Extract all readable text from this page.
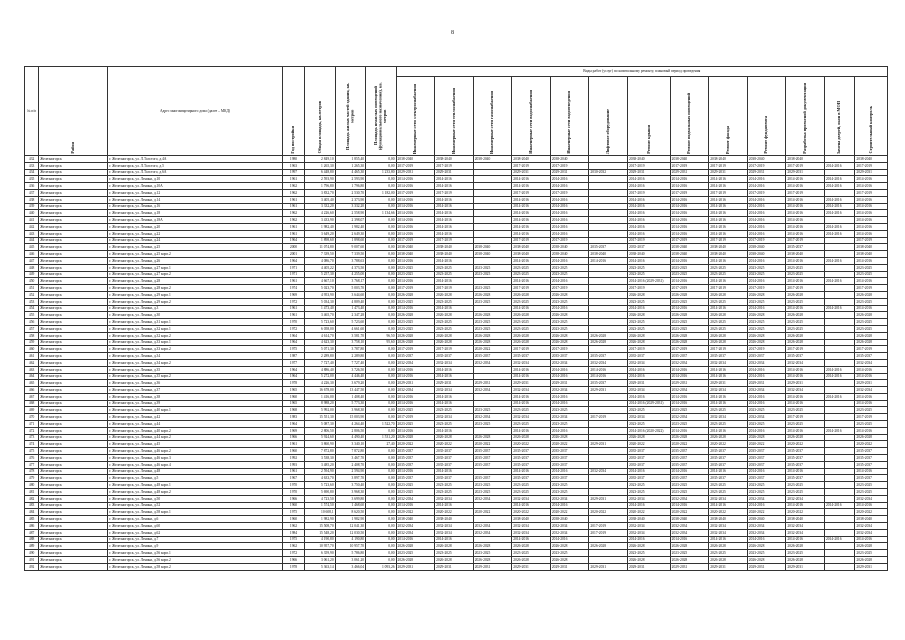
8
№ п/п	Район	Адрес многоквартирного дома (далее – МКД)	Год постройки	Общая площадь, кв.метров	Площадь жилых частей здания, кв. метров	Площадь нежилых помещений (функционального назначения), кв. метров	Виды работ (услуг) по капитальному ремонту, плановый период проведения												
							Инженерные сети электроснабжения	Инженерные сети теплоснабжения	Инженерные сети газоснабжения	Инженерные сети водоснабжения	Инженерные сети водоотведения	Лифтовое оборудование	Ремонт крыши	Ремонт подвальных помещений	Ремонт фасада	Ремонт фундамента	Разработка проектной документации	Замена дверей, окон в МОП	Строительный контроль
432	Железногорск	г. Железногорск, ул. Л.Толстого, д.4А	1980	2 849,10	1 855,40	0,00	2038-2040	2038-2040	2038-2040	2038-2040	2038-2040		2038-2040	2038-2040	2038-2040	2038-2040	2038-2040		2038-2040
433	Железногорск	г. Железногорск, ул. Л.Толстого, д.5	1963	1 265,30	1 265,30	0,00	2017-2019	2017-2019		2017-2019	2017-2019		2017-2019	2017-2019	2017-2019	2017-2019	2017-2019	2014-2016	2017-2019
434	Железногорск	г. Железногорск, ул. Л.Толстого, д.6А	1997	6 448,80	4 465,30	1 233,80	2029-2031	2029-2031		2029-2031	2029-2031	2030-2032	2029-2031	2029-2031	2029-2031	2029-2031	2029-2031		2029-2031
435	Железногорск	г. Железногорск, ул. Ленина, д.10	1961	2 593,90	2 593,90	0,00	2014-2016	2014-2016		2014-2016	2014-2016		2014-2016	2014-2016	2014-2016	2014-2016	2014-2016	2014-2016	2014-2016
436	Железногорск	г. Железногорск, ул. Ленина, д.10А	1962	1 796,80	1 796,80	0,00	2014-2016	2014-2016		2014-2016	2014-2016		2014-2016	2014-2016	2014-2016	2014-2016	2014-2016	2014-2016	2014-2016
437	Железногорск	г. Железногорск, ул. Ленина, д.12	1962	3 832,70	2 530,70	1 182,00	2017-2019	2017-2019		2017-2019	2017-2019		2017-2019	2017-2019	2017-2019	2017-2019	2017-2019		2017-2019
438	Железногорск	г. Железногорск, ул. Ленина, д.14	1961	3 405,40	2 373,90	0,00	2014-2016	2014-2016		2014-2016	2014-2016		2014-2016	2014-2016	2014-2016	2014-2016	2014-2016	2014-2016	2014-2016
439	Железногорск	г. Железногорск, ул. Ленина, д.16	1961	3 332,20	3 332,20	0,00	2014-2016	2014-2016		2014-2016	2014-2016		2014-2016	2014-2016	2014-2016	2014-2016	2014-2016	2014-2016	2014-2016
440	Железногорск	г. Железногорск, ул. Ленина, д.18	1962	4 226,60	2 558,90	1 134,66	2014-2016	2014-2016		2014-2016	2014-2016		2014-2016	2014-2016	2014-2016	2014-2016	2014-2016	2014-2016	2014-2016
441	Железногорск	г. Железногорск, ул. Ленина, д.18А	1962	3 433,90	2 398,07	0,00	2014-2016	2014-2016		2014-2016	2014-2016		2014-2016	2014-2016	2014-2016	2014-2016	2014-2016		2014-2016
442	Железногорск	г. Железногорск, ул. Ленина, д.20	1961	1 982,40	1 982,40	0,00	2014-2016	2014-2016		2014-2016	2014-2016		2014-2016	2014-2016	2014-2016	2014-2016	2014-2016	2014-2016	2014-2016
443	Железногорск	г. Железногорск, ул. Ленина, д.22	1961	3 649,20	2 649,30	0,00	2014-2016	2014-2016		2014-2016	2014-2016		2014-2016	2014-2016	2014-2016	2014-2016	2014-2016	2014-2016	2014-2016
444	Железногорск	г. Железногорск, ул. Ленина, д.24	1964	1 898,60	1 898,60	0,00	2017-2019	2017-2019		2017-2019	2017-2019		2017-2019	2017-2019	2017-2019	2017-2019	2017-2019		2017-2019
445	Железногорск	г. Железногорск, ул. Ленина, д.25	2000	11 074,80	9 007,60	0,00	2038-2040	2038-2040	2038-2040	2038-2040	2038-2040	2035-2037	2035-2037	2038-2040	2038-2040	2038-2040	2035-2037		2038-2040
446	Железногорск	г. Железногорск, ул. Ленина, д.25 корп.2	2001	7 339,50	7 339,50	0,00	2038-2040	2038-2040	2038-2040	2038-2040	2038-2040	2038-2040	2038-2040	2038-2040	2038-2040	2038-2040	2038-2040		2038-2040
447	Железногорск	г. Железногорск, ул. Ленина, д.26	1964	4 086,70	3 788,63	0,00	2014-2016	2014-2016		2014-2016	2014-2016	2014-2016	2014-2016	2014-2016	2014-2016	2014-2016	2014-2016	2014-2016	2014-2016
448	Железногорск	г. Железногорск, ул. Ленина, д.27 корп.1	1971	4 405,22	4 373,50	0,00	2023-2025	2023-2025	2023-2025	2023-2025	2023-2025		2023-2025	2023-2025	2023-2025	2023-2025	2023-2025		2023-2025
449	Железногорск	г. Железногорск, ул. Ленина, д.27 корп.2	1971	5 257,30	4 255,00	0,00	2023-2025	2023-2025	2023-2025	2023-2025	2023-2025		2023-2025	2023-2025	2023-2025	2023-2025	2023-2025		2023-2025
450	Железногорск	г. Железногорск, ул. Ленина, д.28	1961	4 667,10	3 768,17	0,00	2014-2016	2014-2016		2014-2016	2014-2016		2014-2016 (2029-2031)	2014-2016	2014-2016	2014-2016	2014-2016	2014-2016	2014-2016
451	Железногорск	г. Железногорск, ул. Ленина, д.28 корп.2	1974	5 023,70	5 003,70	0,00	2017-2019	2017-2019	2023-2025	2017-2019	2017-2019		2017-2019	2017-2019	2017-2019	2017-2019	2017-2019		2017-2019
452	Железногорск	г. Железногорск, ул. Ленина, д.29 корп.1	1969	4 953,90	3 644,60	0,00	2026-2028	2026-2028	2026-2028	2026-2028	2026-2028		2026-2028	2026-2028	2026-2028	2026-2028	2026-2028		2026-2028
453	Железногорск	г. Железногорск, ул. Ленина, д.29 корп.2	1972	5 034,30	4 809,40	0,00	2023-2025	2023-2025	2023-2025	2023-2025	2023-2025		2023-2025	2023-2025	2023-2025	2023-2025	2023-2025		2023-2025
454	Железногорск	г. Железногорск, ул. Ленина, д.3	1961	1 473,40	1 473,40	0,00	2014-2016	2014-2016		2014-2016	2014-2016		2014-2016	2014-2016	2014-2016	2014-2016	2014-2016	2014-2016	2014-2016
455	Железногорск	г. Железногорск, ул. Ленина, д.30	1961	3 465,70	2 347,28	0,00	2026-2028	2026-2028	2026-2028	2026-2028	2026-2028		2026-2028	2026-2028	2026-2028	2026-2028	2026-2028		2026-2028
456	Железногорск	г. Железногорск, ул. Ленина, д.31 корп.1	1970	5 723,60	5 723,60	0,00	2023-2025	2023-2025	2023-2025	2023-2025	2023-2025		2023-2025	2023-2025	2023-2025	2023-2025	2023-2025		2023-2025
457	Железногорск	г. Железногорск, ул. Ленина, д.32 корп.1	1972	6 058,00	4 661,60	0,00	2023-2025	2023-2025	2023-2025	2023-2025	2023-2025		2023-2025	2023-2025	2023-2025	2023-2025	2023-2025		2023-2025
458	Железногорск	г. Железногорск, ул. Ленина, д.32 корп.2	1964	4 614,70	3 581,70	96,50	2026-2028	2026-2028	2026-2028	2026-2028	2026-2028	2026-2028	2026-2028	2026-2028	2026-2028	2026-2028	2026-2028		2026-2028
459	Железногорск	г. Железногорск, ул. Ленина, д.33 корп.1	1964	4 623,30	3 758,10	95,60	2026-2028	2026-2028	2026-2028	2026-2028	2026-2028	2026-2028	2026-2028	2026-2028	2026-2028	2026-2028	2026-2028		2026-2028
460	Железногорск	г. Железногорск, ул. Ленина, д.33 корп.2	1975	5 071,30	3 787,80	0,00	2017-2019	2017-2019	2020-2022	2017-2019	2017-2019		2017-2019	2017-2019	2017-2019	2017-2019	2017-2019		2017-2019
461	Железногорск	г. Железногорск, ул. Ленина, д.34	1987	2 289,80	2 289,80	0,00	2035-2037	2035-2037	2035-2037	2035-2037	2035-2037	2035-2037	2035-2037	2035-2037	2035-2037	2035-2037	2035-2037		2035-2037
462	Железногорск	г. Железногорск, ул. Ленина, д.34 корп.2	1977	7 727,40	7 727,40	0,00	2032-2034	2032-2034	2032-2034	2032-2034	2032-2034	2032-2034	2032-2034	2032-2034	2032-2034	2032-2034	2032-2034		2032-2034
463	Железногорск	г. Железногорск, ул. Ленина, д.35	1964	4 886,40	3 726,50	0,00	2014-2016	2014-2016		2014-2016	2014-2016	2014-2016	2014-2016	2014-2016	2014-2016	2014-2016	2014-2016	2014-2016	2014-2016
464	Железногорск	г. Железногорск, ул. Ленина, д.35 корп.2	1964	5 272,00	4 446,40	0,00	2014-2016	2014-2016		2014-2016	2014-2016	2014-2016	2014-2016	2014-2016	2014-2016	2014-2016	2014-2016	2014-2016	2014-2016
465	Железногорск	г. Железногорск, ул. Ленина, д.36	1978	4 226,30	3 679,20	0,00	2029-2031	2029-2031	2029-2031	2029-2031	2029-2031	2035-2037	2029-2031	2029-2031	2029-2031	2029-2031	2029-2031		2029-2031
466	Железногорск	г. Железногорск, ул. Ленина, д.37	1965	16 678,00	13 447,50	0,00	2032-2034	2032-2034	2032-2034	2032-2034	2032-2034	2029-2031	2032-2034	2032-2034	2032-2034	2032-2034	2032-2034		2032-2034
467	Железногорск	г. Железногорск, ул. Ленина, д.38	1960	1 416,00	1 408,40	0,00	2014-2016	2014-2016		2014-2016	2014-2016		2014-2016	2014-2016	2014-2016	2014-2016	2014-2016	2014-2016	2014-2016
468	Железногорск	г. Железногорск, ул. Ленина, д.39	1965	8 988,20	5 773,30	0,00	2014-2016	2014-2016		2014-2016	2014-2016		2014-2016 (2029-2031)	2014-2016	2014-2016	2014-2016	2014-2016		2014-2016
469	Железногорск	г. Железногорск, ул. Ленина, д.40 корп.1	1968	5 992,00	3 968,30	0,00	2023-2025	2023-2025	2023-2025	2023-2025	2023-2025		2023-2025	2023-2025	2023-2025	2023-2025	2023-2025		2023-2025
470	Железногорск	г. Железногорск, ул. Ленина, д.42	1983	15 551,30	15 003,90	0,00	2017-2019	2032-2034	2032-2034	2032-2034	2032-2034	2017-2019	2032-2034	2032-2034	2032-2034	2032-2034	2017-2019		2017-2019
471	Железногорск	г. Железногорск, ул. Ленина, д.44	1964	5 087,30	4 264,40	1 522,70	2023-2025	2023-2025	2023-2025	2023-2025	2023-2025		2023-2025	2023-2025	2023-2025	2023-2025	2023-2025		2023-2025
472	Железногорск	г. Железногорск, ул. Ленина, д.40 корп.2	1969	2 806,50	2 806,50	0,00	2014-2016	2014-2016		2014-2016	2014-2016		2014-2016 (2020-2022)	2014-2016	2014-2016	2014-2016	2014-2016	2014-2016	2014-2016
473	Железногорск	г. Железногорск, ул. Ленина, д.44 корп.2	1966	5 924,60	4 490,40	1 531,20	2026-2028	2026-2028	2026-2028	2026-2028	2026-2028		2026-2028	2026-2028	2026-2028	2026-2028	2026-2028		2026-2028
474	Железногорск	г. Железногорск, ул. Ленина, д.45	1961	3 860,90	3 340,10	27,40	2020-2022	2020-2022	2020-2022	2020-2022	2020-2022	2029-2031	2020-2022	2020-2022	2020-2022	2020-2022	2020-2022		2020-2022
475	Железногорск	г. Железногорск, ул. Ленина, д.46 корп.2	1960	7 872,80	7 872,80	0,00	2035-2037	2035-2037	2035-2037	2035-2037	2035-2037		2035-2037	2035-2037	2035-2037	2035-2037	2035-2037		2035-2037
476	Железногорск	г. Железногорск, ул. Ленина, д.46 корп.3	1992	3 538,30	3 467,70	0,00	2035-2037	2035-2037	2035-2037	2035-2037	2035-2037		2035-2037	2035-2037	2035-2037	2035-2037	2035-2037		2035-2037
477	Железногорск	г. Железногорск, ул. Ленина, д.46 корп.4	1993	3 485,20	2 408,70	0,00	2035-2037	2035-2037	2035-2037	2035-2037	2035-2037		2035-2037	2035-2037	2035-2037	2035-2037	2035-2037		2035-2037
478	Железногорск	г. Железногорск, ул. Ленина, д.48	1961	2 594,90	2 594,90	0,00	2014-2016	2014-2016		2014-2016	2014-2016	2032-2034	2014-2016	2014-2016	2014-2016	2014-2016	2014-2016		2014-2016
479	Железногорск	г. Железногорск, ул. Ленина, д.5	1967	4 633,70	3 897,70	0,00	2035-2037	2035-2037	2035-2037	2035-2037	2035-2037		2035-2037	2035-2037	2035-2037	2035-2037	2035-2037		2035-2037
480	Железногорск	г. Железногорск, ул. Ленина, д.48 корп.1	1970	5 723,60	3 750,40	0,00	2023-2025	2023-2025	2023-2025	2023-2025	2023-2025		2023-2025	2023-2025	2023-2025	2023-2025	2023-2025		2023-2025
481	Железногорск	г. Железногорск, ул. Ленина, д.48 корп.2	1970	5 690,80	3 968,30	0,00	2023-2025	2023-2025	2023-2025	2023-2025	2023-2025		2023-2025	2023-2025	2023-2025	2023-2025	2023-2025		2023-2025
482	Железногорск	г. Железногорск, ул. Ленина, д.50	1966	4 723,50	3 699,80	0,00	2032-2034	2032-2034	2032-2034	2032-2034	2032-2034	2029-2031	2032-2034	2032-2034	2032-2034	2032-2034	2032-2034		2032-2034
483	Железногорск	г. Железногорск, ул. Ленина, д.52	1960	1 574,50	1 468,60	0,00	2014-2016	2014-2016		2014-2016	2014-2016		2014-2016	2014-2016	2014-2016	2014-2016	2014-2016	2014-2016	2014-2016
484	Железногорск	г. Железногорск, ул. Ленина, д.58 корп.1	1975	10 608,1	8 620,50	0,00	2020-2022	2020-2022	2020-2022	2020-2022	2020-2022	2020-2022	2020-2022	2020-2022	2020-2022	2020-2022	2020-2022		2020-2022
485	Железногорск	г. Железногорск, ул. Ленина, д.6	1960	1 982,90	1 982,90	0,00	2038-2040	2038-2040		2038-2040	2038-2040		2038-2040	2038-2040	2038-2040	2038-2040	2038-2040		2038-2040
486	Железногорск	г. Железногорск, ул. Ленина, д.60	1962	15 508,70	12 041,30	0,00	2032-2034	2032-2034	2032-2034	2032-2034	2032-2034	2017-2019	2032-2034	2032-2034	2032-2034	2032-2034	2032-2034		2032-2034
487	Железногорск	г. Железногорск, ул. Ленина, д.62	1984	15 548,20	12 030,50	0,00	2032-2034	2032-2034	2032-2034	2032-2034	2032-2034	2017-2019	2032-2034	2032-2034	2032-2034	2032-2034	2032-2034		2032-2034
488	Железногорск	г. Железногорск, ул. Ленина, д.7	1975	4 190,80	4 190,80	0,00	2014-2016	2014-2016		2014-2016	2014-2016		2014-2016	2014-2016	2014-2016	2014-2016	2014-2016	2014-2016	2014-2016
489	Железногорск	г. Железногорск, ул. Ленина, д.9	1962	10 957,70	10 957,70	0,00	2026-2028	2026-2028	2026-2028	2026-2028	2026-2028	2026-2028	2026-2028	2026-2028	2026-2028	2026-2028	2026-2028		2026-2028
490	Железногорск	г. Железногорск, ул. Ленина, д.56 корп.1	1972	6 359,90	5 786,80	0,00	2023-2025	2023-2025	2023-2025	2023-2025	2023-2025		2023-2025	2023-2025	2023-2025	2023-2025	2023-2025		2023-2025
491	Железногорск	г. Железногорск, ул. Ленина, д.56 корп.2	1966	3 061,20	3 061,20	0,00	2026-2028	2026-2028	2026-2028	2026-2028	2026-2028		2026-2028	2026-2028	2026-2028	2026-2028	2026-2028		2026-2028
492	Железногорск	г. Железногорск, ул. Ленина, д.58 корп.2	1978	5 363,14	3 466,04	1 093,26	2029-2031	2029-2031	2029-2031	2029-2031	2029-2031	2029-2031	2029-2031	2029-2031	2029-2031	2029-2031	2029-2031		2029-2031
